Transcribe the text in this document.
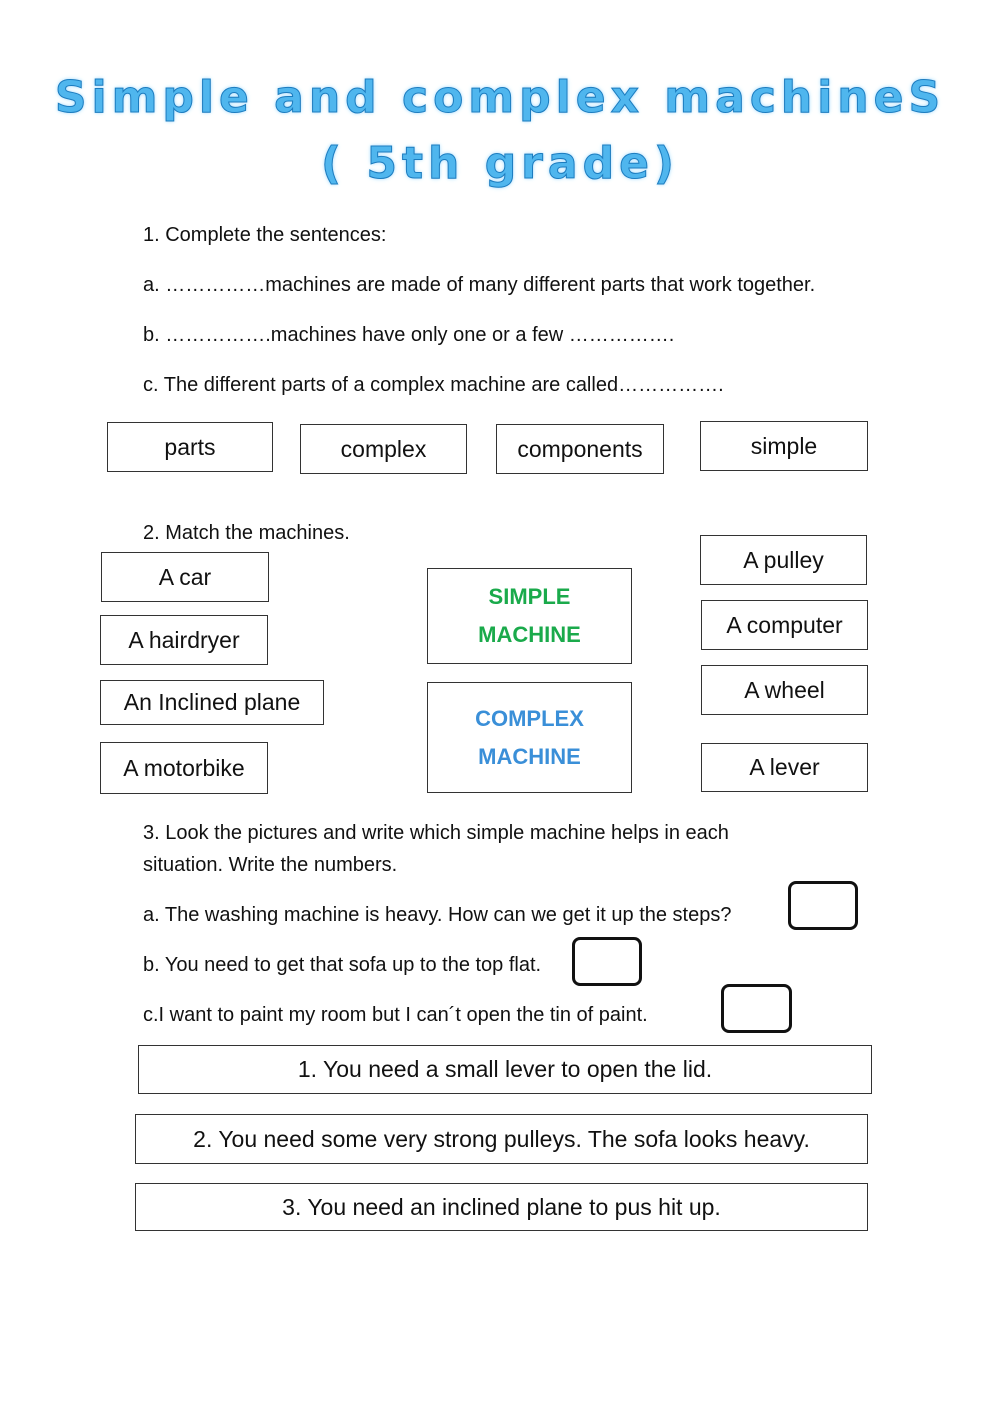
Simple and complex machineS
( 5th grade)
1. Complete the sentences:
a. ……………machines are made of many different parts that work together.
b. …………….machines have only one or a few …………….
c. The different parts of a complex machine are called…………….
parts	complex	components	simple
2. Match the machines.
A car
A hairdryer
An Inclined plane
A motorbike
SIMPLE
MACHINE
COMPLEX
MACHINE
A pulley
A computer
A wheel
A lever
3. Look the pictures and write which simple machine helps in each
situation. Write the numbers.
a. The washing machine is heavy. How can we get it up the steps?
b. You need to get that sofa up to the top flat.
c.I want to paint my room but I can´t open the tin of paint.
1. You need a small lever to open the lid.
2. You need some very strong pulleys. The sofa looks heavy.
3. You need an inclined plane to pus hit up.
